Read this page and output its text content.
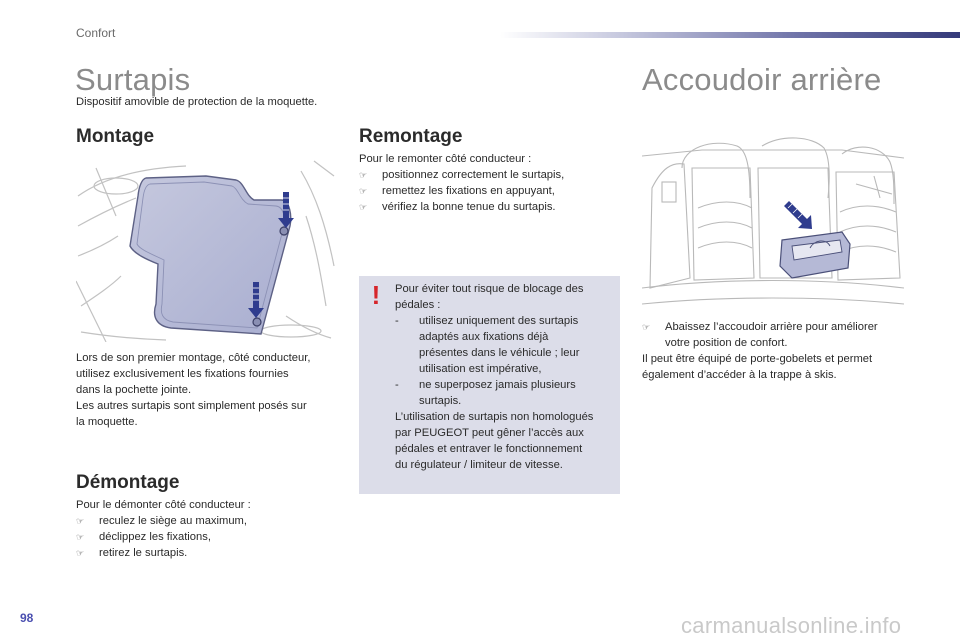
Confort
Surtapis
Dispositif amovible de protection de la moquette.
Montage

Lors de son premier montage, côté conducteur,

utilisez exclusivement les fixations fournies

dans la pochette jointe.

Les autres surtapis sont simplement posés sur

la moquette.

Démontage

Pour le démonter côté conducteur :

☞	reculez le siège au maximum,
☞	déclippez les fixations,
☞	retirez le surtapis.
Remontage

Pour le remonter côté conducteur :

☞	positionnez correctement le surtapis,
☞	remettez les fixations en appuyant,
☞	vérifiez la bonne tenue du surtapis.
! Pour éviter tout risque de blocage des

pédales :

- utilisez uniquement des surtapis

adaptés aux fixations déjà

présentes dans le véhicule ; leur

utilisation est impérative,

- ne superposez jamais plusieurs

surtapis.

L’utilisation de surtapis non homologués

par PEUGEOT peut gêner l’accès aux

pédales et entraver le fonctionnement

du régulateur / limiteur de vitesse.

Accoudoir arrière
☞	Abaissez l’accoudoir arrière pour améliorer
votre position de confort.

Il peut être équipé de porte-gobelets et permet

également d’accéder à la trappe à skis.

98	carmanualsonline.info
